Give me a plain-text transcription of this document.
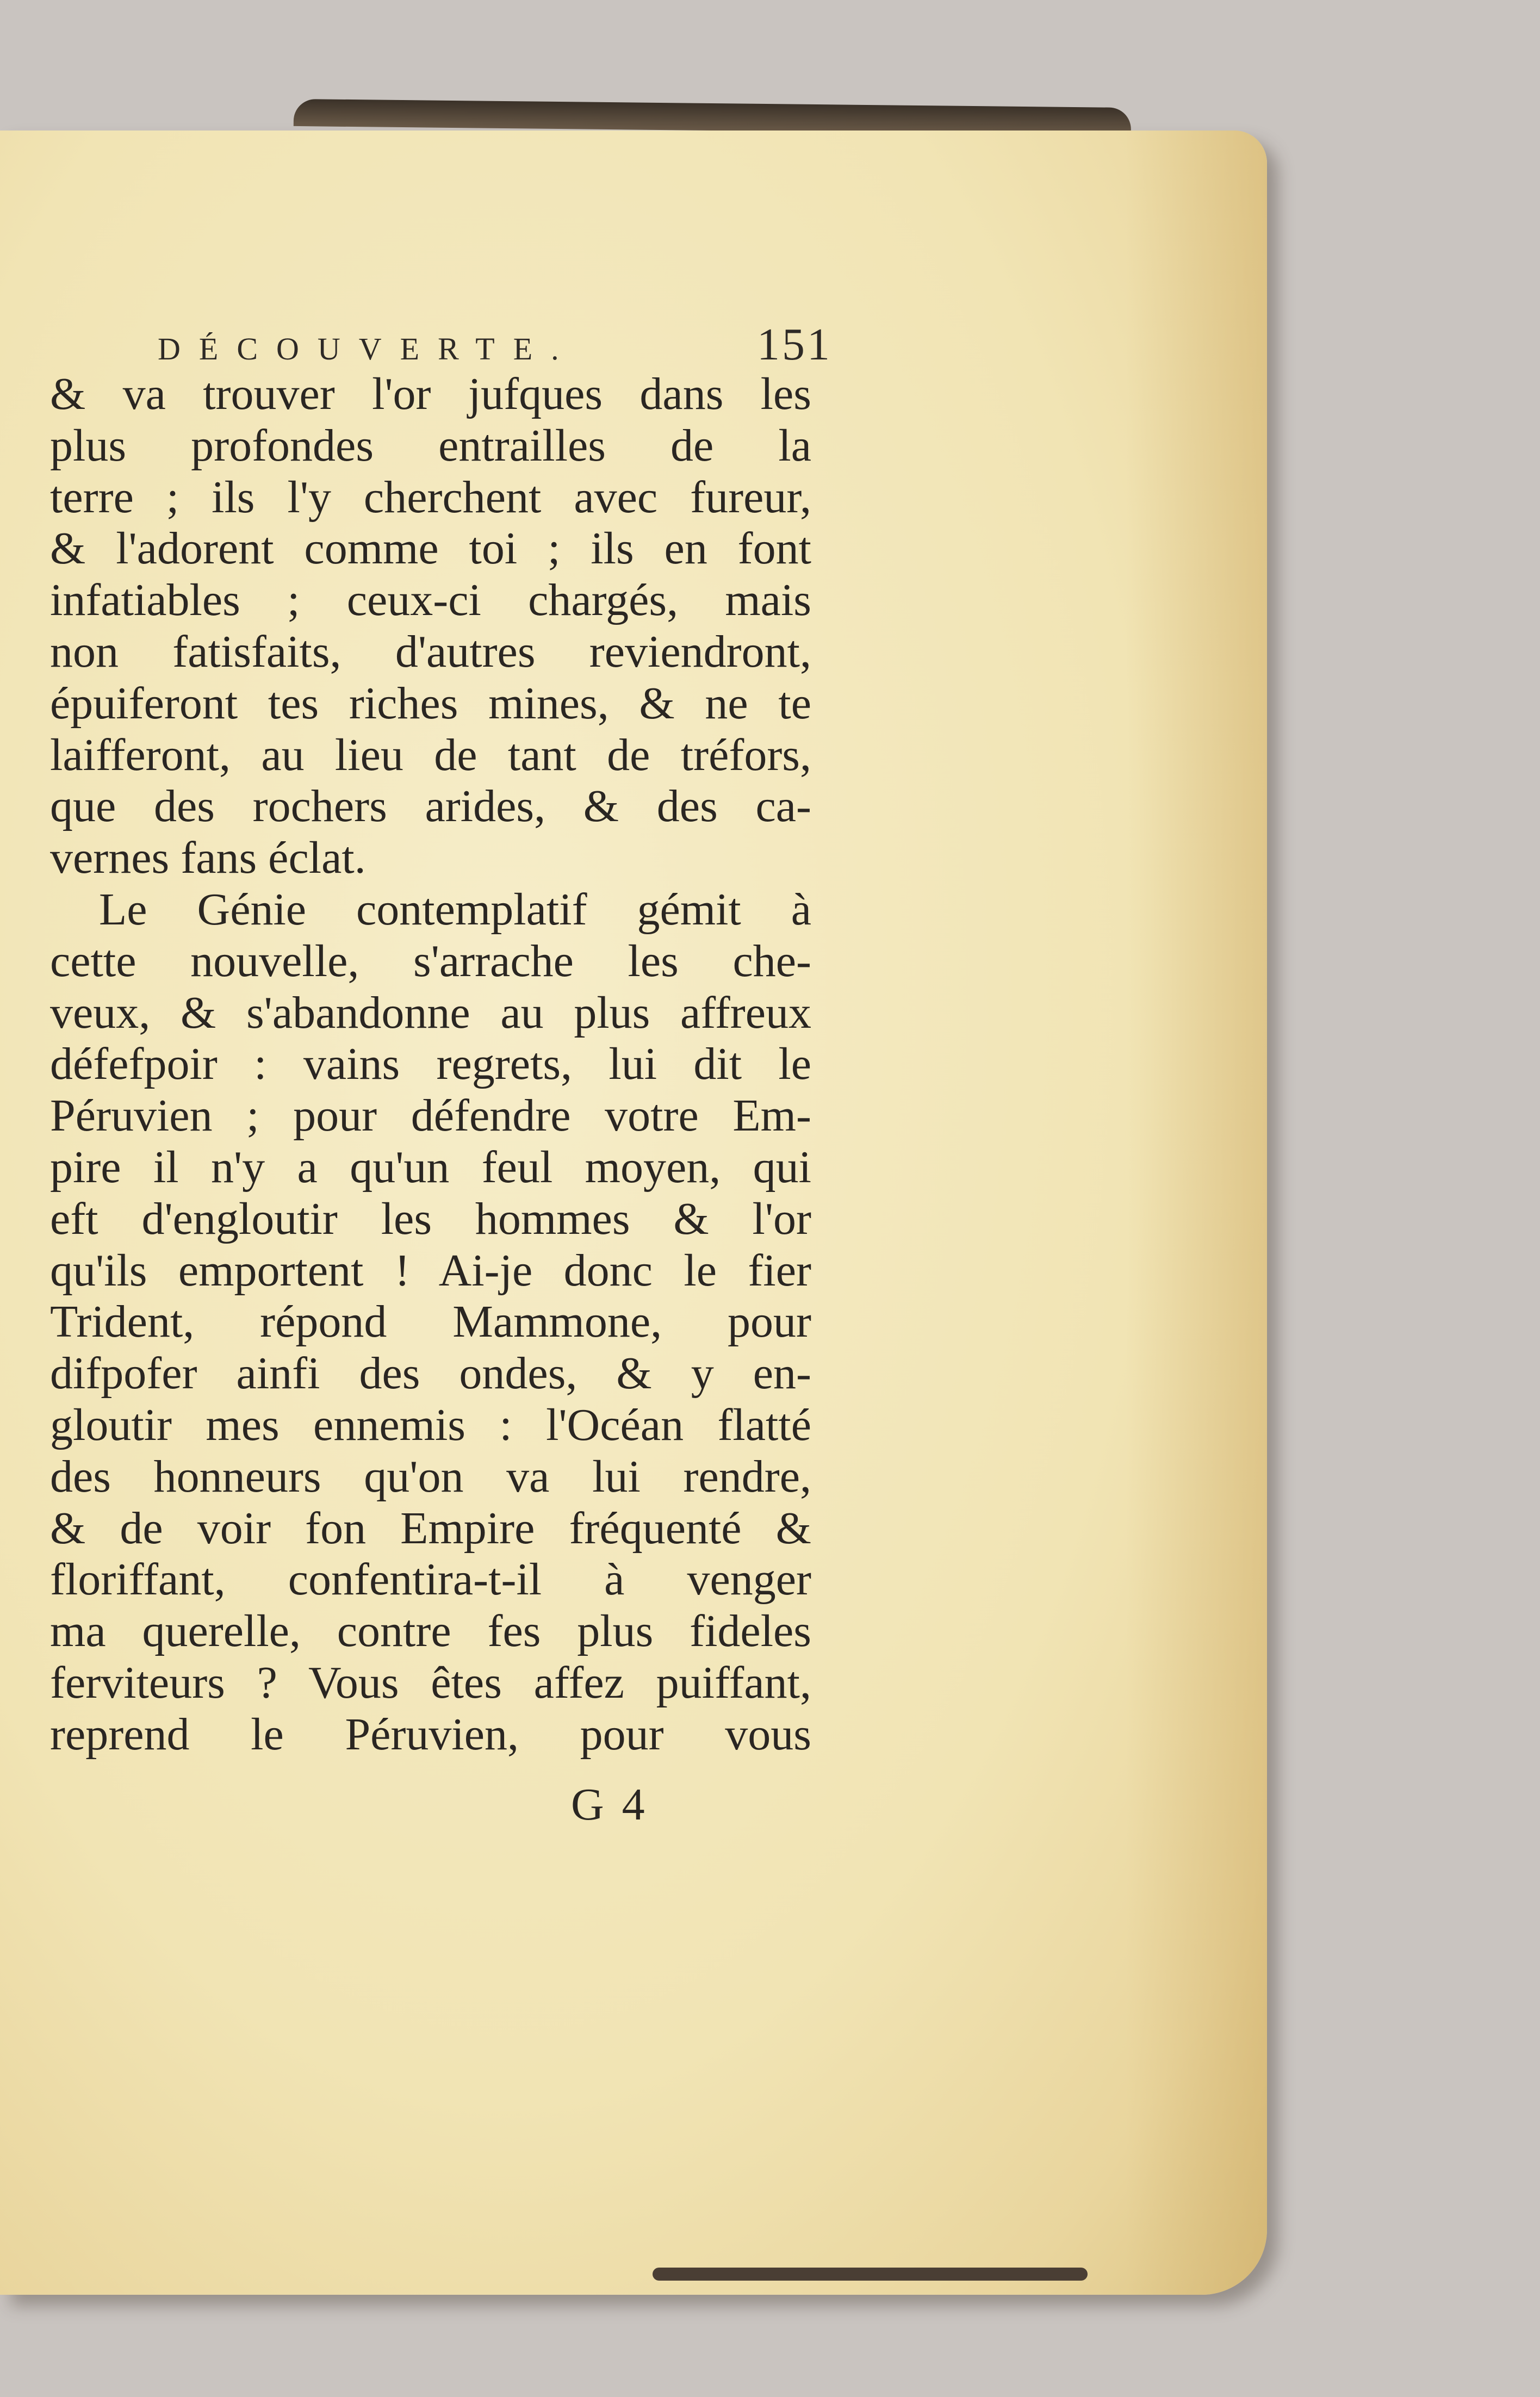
DÉCOUVERTE.	151
& va trouver l'or jufques dans les
plus profondes entrailles de la
terre ; ils l'y cherchent avec fureur,
& l'adorent comme toi ; ils en font
infatiables ; ceux-ci chargés, mais
non fatisfaits, d'autres reviendront,
épuiferont tes riches mines, & ne te
laifferont, au lieu de tant de tréfors,
que des rochers arides, & des ca-
vernes fans éclat.
Le Génie contemplatif gémit à
cette nouvelle, s'arrache les che-
veux, & s'abandonne au plus affreux
défefpoir : vains regrets, lui dit le
Péruvien ; pour défendre votre Em-
pire il n'y a qu'un feul moyen, qui
eft d'engloutir les hommes & l'or
qu'ils emportent ! Ai-je donc le fier
Trident, répond Mammone, pour
difpofer ainfi des ondes, & y en-
gloutir mes ennemis : l'Océan flatté
des honneurs qu'on va lui rendre,
& de voir fon Empire fréquenté &
floriffant, confentira-t-il à venger
ma querelle, contre fes plus fideles
ferviteurs ? Vous êtes affez puiffant,
reprend le Péruvien, pour vous
G 4
